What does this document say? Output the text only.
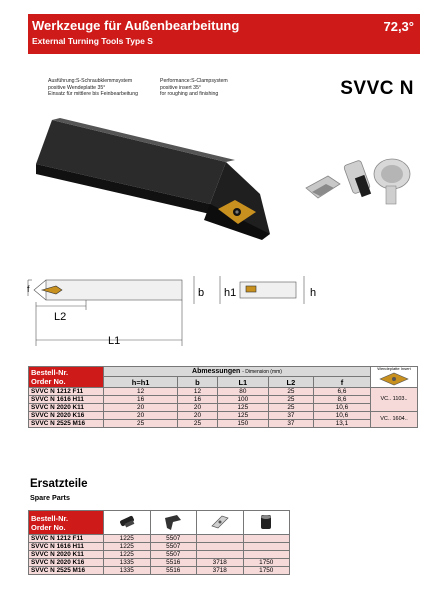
Werkzeuge für Außenbearbeitung
External Turning Tools Type S
72,3°
Ausführung:S-Schraubklemmsystem
positive Wendeplatte 35°
Einsatz für mittlere bis Feinbearbeitung
Performance:S-Clampsystem
positive insert 35°
for roughing and finishing	SVVC N
f
L2
L1
b h1	h
Bestell-Nr.
Order No.	Abmessungen - Dimension (mm)					Wendeplatte Insert

	h=h1	b	L1	L2	f	
SVVC N 1212 F11	12	12	80	25	6,6	VC.. 1103..
SVVC N 1616 H11	16	16	100	25	8,6	
SVVC N 2020 K11	20	20	125	25	10,6	
SVVC N 2020 K16	20	20	125	37	10,6	VC.. 1604..
SVVC N 2525 M16	25	25	150	37	13,1	
Ersatzteile
Spare Parts
Bestell-Nr.
Order No.

SVVC N 1212 F11	1225	5507		
SVVC N 1616 H11	1225	5507		
SVVC N 2020 K11	1225	5507		
SVVC N 2020 K16	1335	5516	3718	1750
SVVC N 2525 M16	1335	5516	3718	1750
